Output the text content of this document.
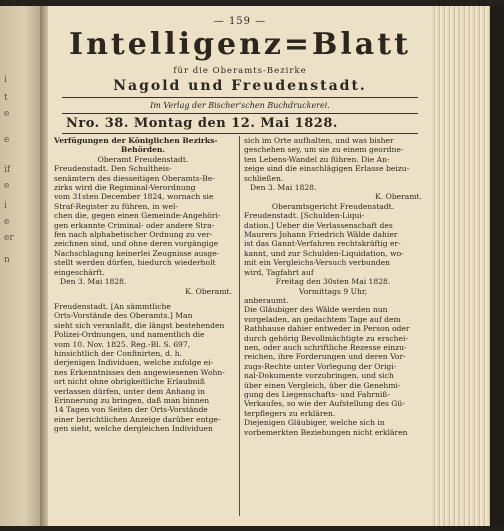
i
t
e
e
if
e
i
e
er
n
— 159 —
Intelligenz=Blatt
für die Oberamts-Bezirke
Nagold und Freudenstadt.
Im Verlag der Bischer'schen Buchdruckerei.
Nro. 38. Montag den 12. Mai 1828.
Verfügungen der Königlichen Bezirks-
Behörden.
Oberamt Freudenstadt.
Freudenstadt. Den Schultheis-
senämtern des diesseitigen Oberamts-Be-
zirks wird die Regiminal-Verordnung
vom 31sten December 1824, wornach sie
Straf-Register zu führen, in wel-
chen die, gegen einen Gemeinde-Angehöri-
gen erkannte Criminal- oder andere Stra-
fen nach alphabetischer Ordnung zu ver-
zeichnen sind, und ohne deren vorgängige
Nachschlagung keinerlei Zeugnisse ausge-
stellt werden dürfen, hiedurch wiederholt
eingeschärft.
Den 3. Mai 1828.
K. Oberamt.
Freudenstadt. [An sämmtliche
Orts-Vorstände des Oberamts.] Man
sieht sich veranlaßt, die längst bestehenden
Polizei-Ordnungen, und namentlich die
vom 10. Nov. 1825. Reg.-Bl. S. 697,
hinsichtlich der Confinirten, d. h.
derjenigen Individuen, welche zufolge ei-
nes Erkenntnisses den angewiesenen Wohn-
ort nicht ohne obrigkeitliche Erlaubniß
verlassen dürfen, unter dem Anhang in
Erinnerung zu bringen, daß man binnen
14 Tagen von Seiten der Orts-Vorstände
einer berichtlichen Anzeige darüber entge-
gen sieht, welche dergleichen Individuen
sich im Orte aufhalten, und was bisher
geschehen sey, um sie zu einem geordne-
ten Lebens-Wandel zu führen. Die An-
zeige sind die einschlägigen Erlasse beizu-
schließen.
Den 3. Mai 1828.
K. Oberamt.
Oberamtsgericht Freudenstadt.
Freudenstadt. [Schulden-Liqui-
dation.] Ueber die Verlassenschaft des
Maurers Johann Friedrich Wälde dahier
ist das Gannt-Verfahren rechtskräftig er-
kannt, und zur Schulden-Liquidation, wo-
mit ein Vergleichs-Versuch verbunden
wird, Tagfahrt auf
Freitag den 30sten Mai 1828.
Vormittags 9 Uhr,
anberaumt.
Die Gläubiger des Wälde werden nun
vorgeladen, an gedachtem Tage auf dem
Rathhause dahier entweder in Person oder
durch gehörig Bevollmächtigte zu erschei-
nen, oder auch schriftliche Rezesse einzu-
reichen, ihre Forderungen und deren Vor-
zugs-Rechte unter Vorlegung der Origi-
nal-Dokumente vorzubringen, und sich
über einen Vergleich, über die Genehmi-
gung des Liegenschafts- und Fahrniß-
Verkaufes, so wie der Aufstellung des Gü-
terpflegers zu erklären.
Diejenigen Gläubiger, welche sich in
vorbemerkten Beziehungen nicht erklären
